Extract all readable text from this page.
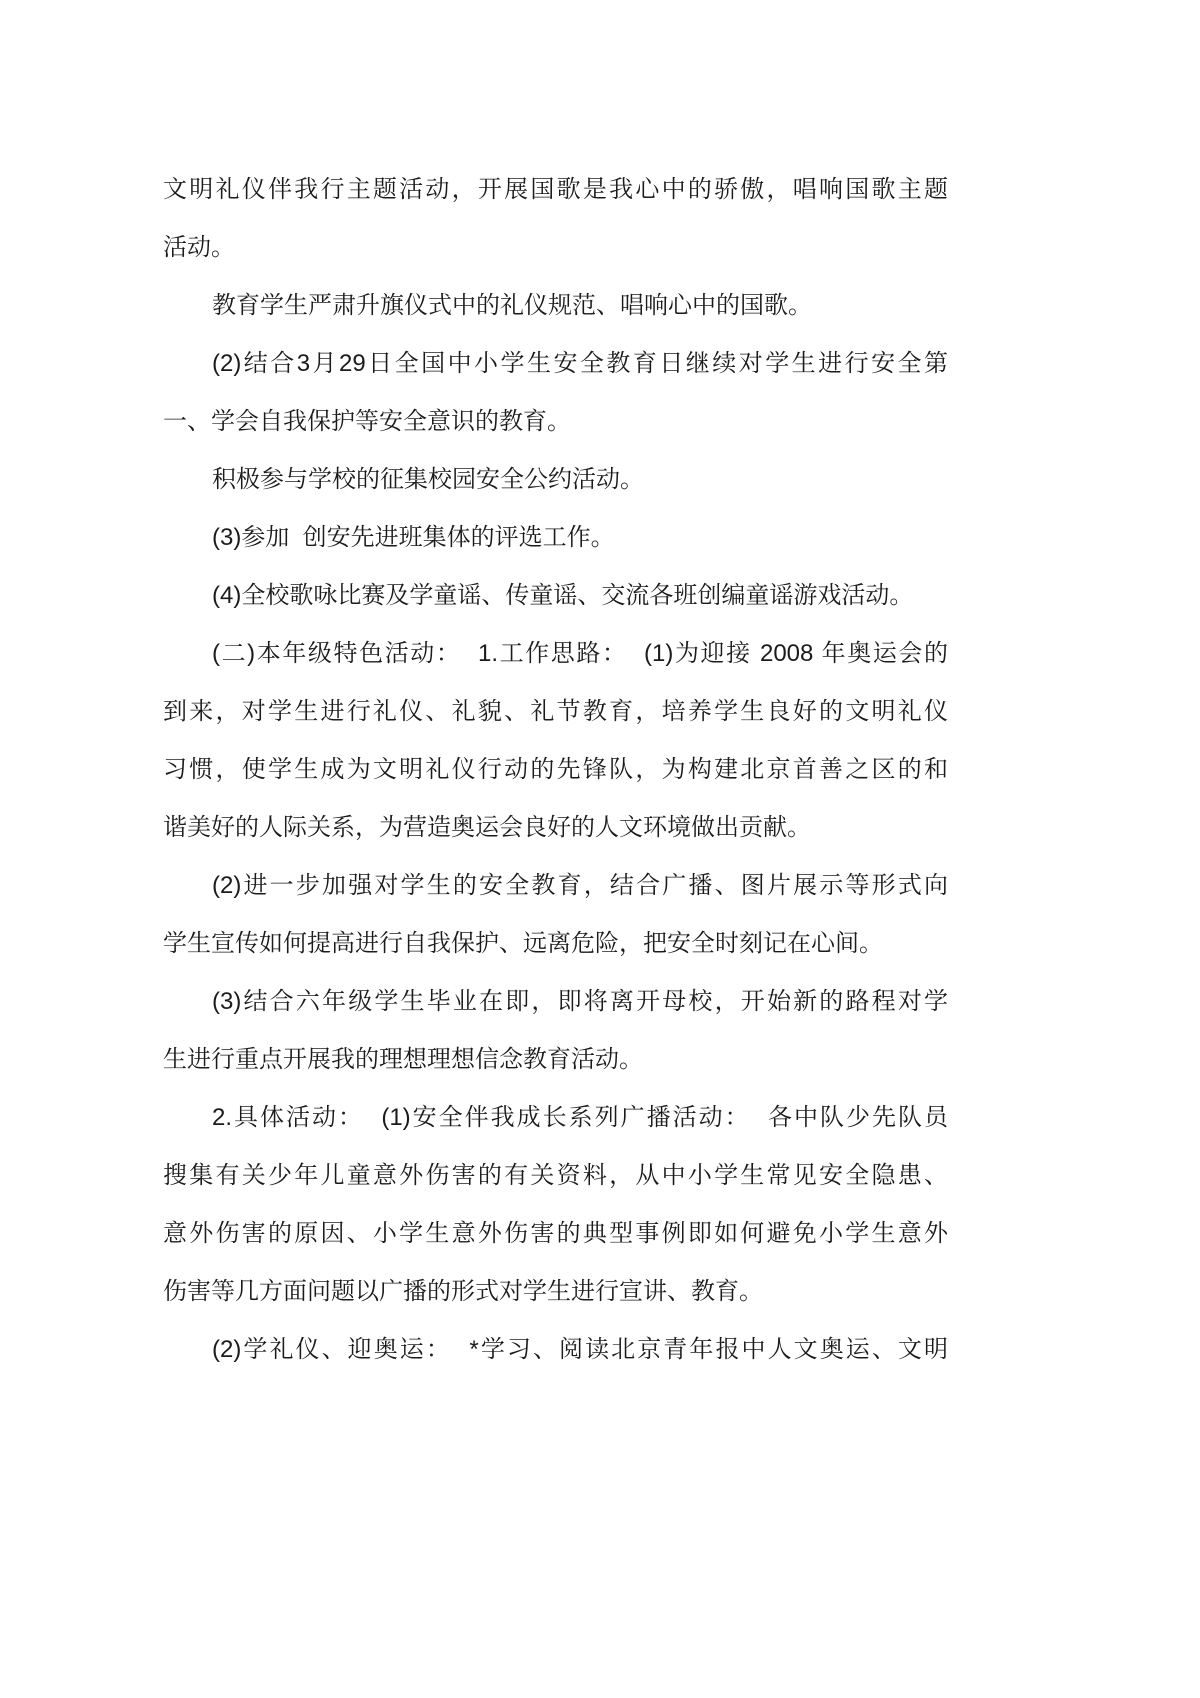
文明礼仪伴我行主题活动，开展国歌是我心中的骄傲，唱响国歌主题
活动。
教育学生严肃升旗仪式中的礼仪规范、唱响心中的国歌。
(2)结合3月29日全国中小学生安全教育日继续对学生进行安全第
一、学会自我保护等安全意识的教育。
积极参与学校的征集校园安全公约活动。
(3)参加  创安先进班集体的评选工作。
(4)全校歌咏比赛及学童谣、传童谣、交流各班创编童谣游戏活动。
(二)本年级特色活动：  1.工作思路：  (1)为迎接 2008 年奥运会的
到来，对学生进行礼仪、礼貌、礼节教育，培养学生良好的文明礼仪
习惯，使学生成为文明礼仪行动的先锋队，为构建北京首善之区的和
谐美好的人际关系，为营造奥运会良好的人文环境做出贡献。
(2)进一步加强对学生的安全教育，结合广播、图片展示等形式向
学生宣传如何提高进行自我保护、远离危险，把安全时刻记在心间。
(3)结合六年级学生毕业在即，即将离开母校，开始新的路程对学
生进行重点开展我的理想理想信念教育活动。
2.具体活动：  (1)安全伴我成长系列广播活动：  各中队少先队员
搜集有关少年儿童意外伤害的有关资料，从中小学生常见安全隐患、
意外伤害的原因、小学生意外伤害的典型事例即如何避免小学生意外
伤害等几方面问题以广播的形式对学生进行宣讲、教育。
(2)学礼仪、迎奥运：  *学习、阅读北京青年报中人文奥运、文明
